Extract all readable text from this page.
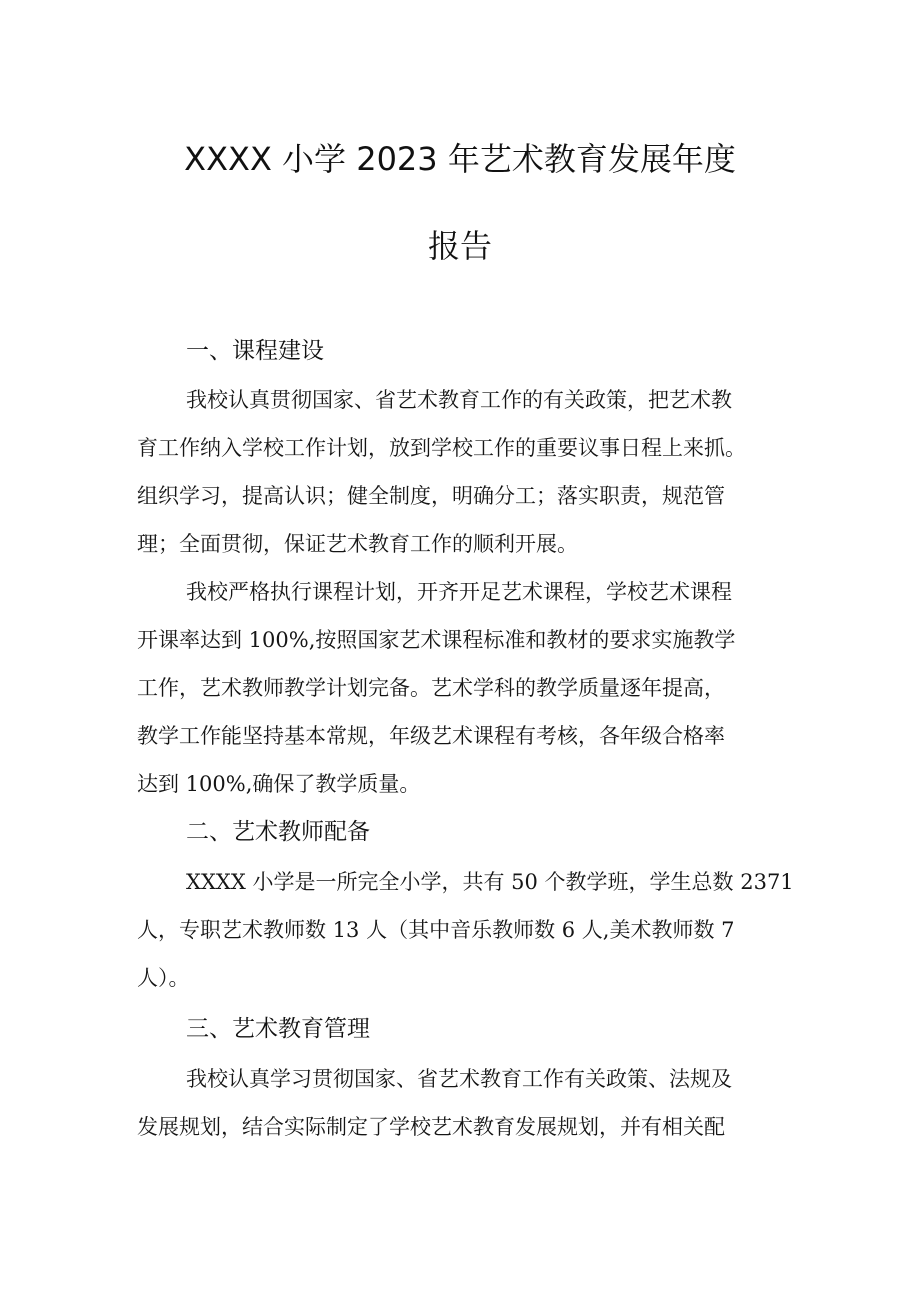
XXXX 小学 2023 年艺术教育发展年度
报告
一、课程建设
我校认真贯彻国家、省艺术教育工作的有关政策，把艺术教
育工作纳入学校工作计划，放到学校工作的重要议事日程上来抓。
组织学习，提高认识；健全制度，明确分工；落实职责，规范管
理；全面贯彻，保证艺术教育工作的顺利开展。
我校严格执行课程计划，开齐开足艺术课程，学校艺术课程
开课率达到 100%,按照国家艺术课程标准和教材的要求实施教学
工作，艺术教师教学计划完备。艺术学科的教学质量逐年提高，
教学工作能坚持基本常规，年级艺术课程有考核，各年级合格率
达到 100%,确保了教学质量。
二、艺术教师配备
XXXX 小学是一所完全小学，共有 50 个教学班，学生总数 2371
人，专职艺术教师数 13 人（其中音乐教师数 6 人,美术教师数 7
人）。
三、艺术教育管理
我校认真学习贯彻国家、省艺术教育工作有关政策、法规及
发展规划，结合实际制定了学校艺术教育发展规划，并有相关配
